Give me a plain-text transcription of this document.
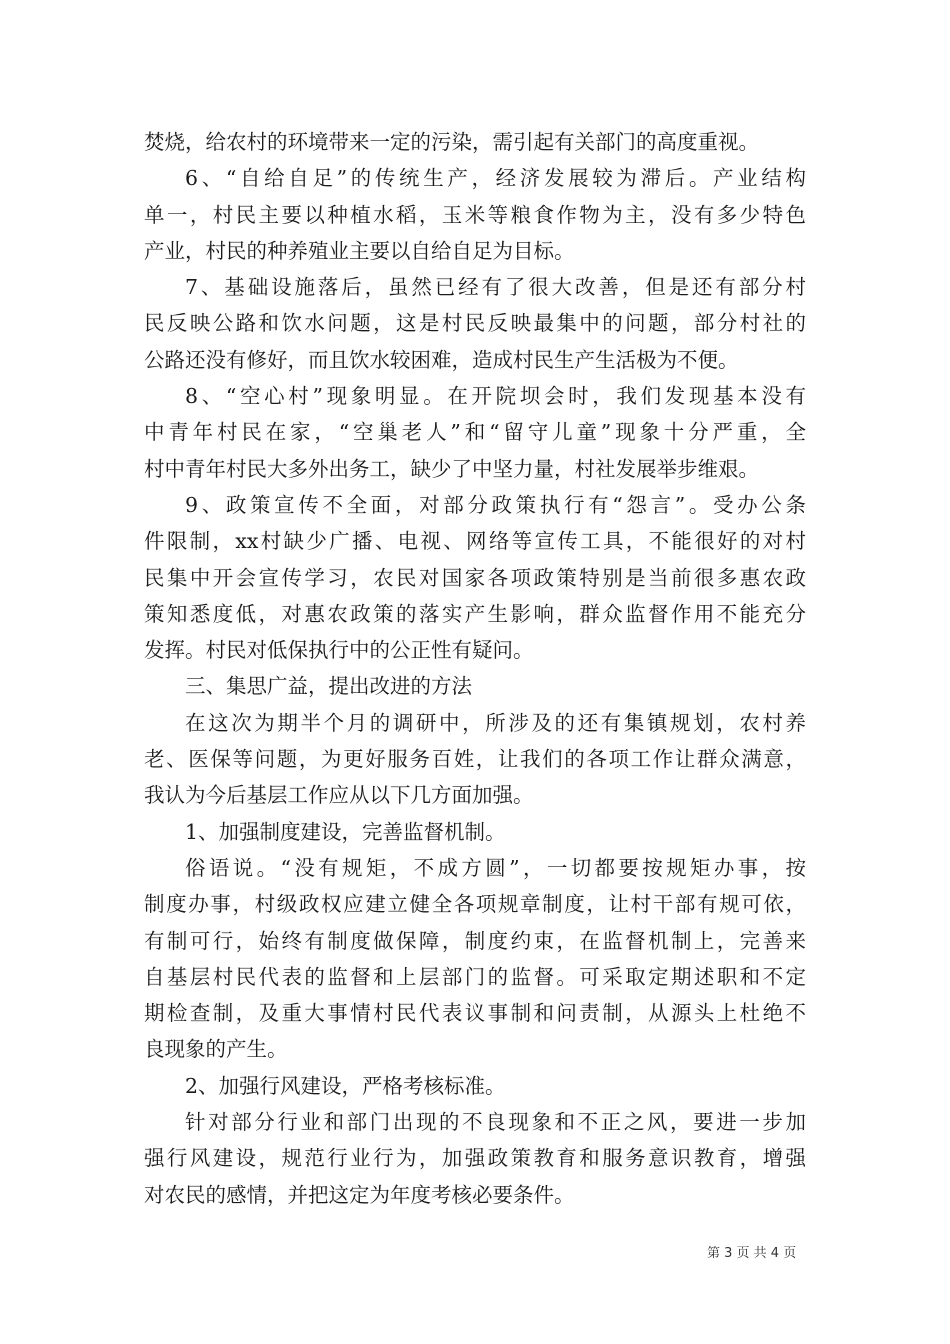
焚烧，给农村的环境带来一定的污染，需引起有关部门的高度重视。
6、“自给自足”的传统生产，经济发展较为滞后。产业结构
单一，村民主要以种植水稻，玉米等粮食作物为主，没有多少特色
产业，村民的种养殖业主要以自给自足为目标。
7、基础设施落后，虽然已经有了很大改善，但是还有部分村
民反映公路和饮水问题，这是村民反映最集中的问题，部分村社的
公路还没有修好，而且饮水较困难，造成村民生产生活极为不便。
8、“空心村”现象明显。在开院坝会时，我们发现基本没有
中青年村民在家，“空巢老人”和“留守儿童”现象十分严重，全
村中青年村民大多外出务工，缺少了中坚力量，村社发展举步维艰。
9、政策宣传不全面，对部分政策执行有“怨言”。受办公条
件限制，xx村缺少广播、电视、网络等宣传工具，不能很好的对村
民集中开会宣传学习，农民对国家各项政策特别是当前很多惠农政
策知悉度低，对惠农政策的落实产生影响，群众监督作用不能充分
发挥。村民对低保执行中的公正性有疑问。
三、集思广益，提出改进的方法
在这次为期半个月的调研中，所涉及的还有集镇规划，农村养
老、医保等问题，为更好服务百姓，让我们的各项工作让群众满意，
我认为今后基层工作应从以下几方面加强。
1、加强制度建设，完善监督机制。
俗语说。“没有规矩，不成方圆”，一切都要按规矩办事，按
制度办事，村级政权应建立健全各项规章制度，让村干部有规可依，
有制可行，始终有制度做保障，制度约束，在监督机制上，完善来
自基层村民代表的监督和上层部门的监督。可采取定期述职和不定
期检查制，及重大事情村民代表议事制和问责制，从源头上杜绝不
良现象的产生。
2、加强行风建设，严格考核标准。
针对部分行业和部门出现的不良现象和不正之风，要进一步加
强行风建设，规范行业行为，加强政策教育和服务意识教育，增强
对农民的感情，并把这定为年度考核必要条件。
第 3 页 共 4 页
